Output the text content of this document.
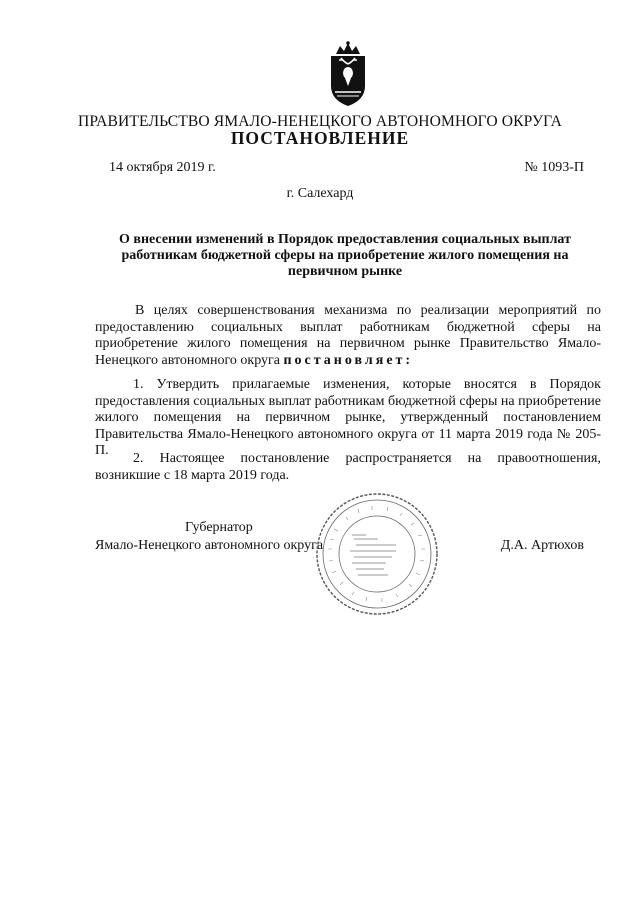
ПРАВИТЕЛЬСТВО ЯМАЛО-НЕНЕЦКОГО АВТОНОМНОГО ОКРУГА
ПОСТАНОВЛЕНИЕ
14 октября 2019 г.	№ 1093-П
г. Салехард
О внесении изменений в Порядок предоставления социальных выплат работникам бюджетной сферы на приобретение жилого помещения на первичном рынке
В целях совершенствования механизма по реализации мероприятий по предоставлению социальных выплат работникам бюджетной сферы на приобретение жилого помещения на первичном рынке Правительство Ямало-Ненецкого автономного округа постановляет:
1. Утвердить прилагаемые изменения, которые вносятся в Порядок предоставления социальных выплат работникам бюджетной сферы на приобретение жилого помещения на первичном рынке, утвержденный постановлением Правительства Ямало-Ненецкого автономного округа от 11 марта 2019 года № 205-П.
2. Настоящее постановление распространяется на правоотношения, возникшие с 18 марта 2019 года.
Губернатор
Ямало-Ненецкого автономного округа	Д.А. Артюхов
